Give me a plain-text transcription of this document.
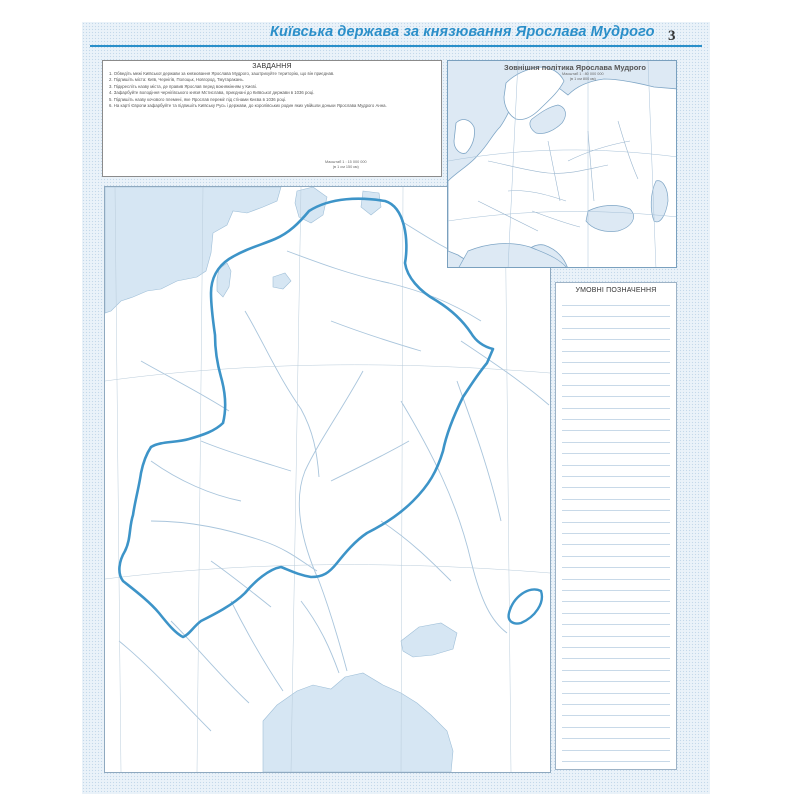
Київська держава за князювання Ярослава Мудрого 3
ЗАВДАННЯ
1. Обведіть межі Київської держави за князювання Ярослава Мудрого, заштрихуйте територію, що він приєднав.
2. Підпишіть міста: Київ, Чернігів, Полоцьк, Новгород, Тмутаракань.
3. Підкресліть назву міста, де правив Ярослав перед вокняжінням у Києві.
4. Зафарбуйте володіння чернігівського князя Мстислава, приєднані до Київської держави в 1036 році.
5. Підпишіть назву кочового племені, яке Ярослав переміг під стінами Києва в 1036 році.
6. На карті Європи зафарбуйте та підпишіть Київську Русь і держави, до королівських родин яких увійшли доньки Ярослава Мудрого Анна.
Масштаб 1 : 15 000 000
(в 1 см 150 км)
Зовнішня політика Ярослава Мудрого
Масштаб 1 : 80 000 000
(в 1 см 800 км)
УМОВНІ ПОЗНАЧЕННЯ
